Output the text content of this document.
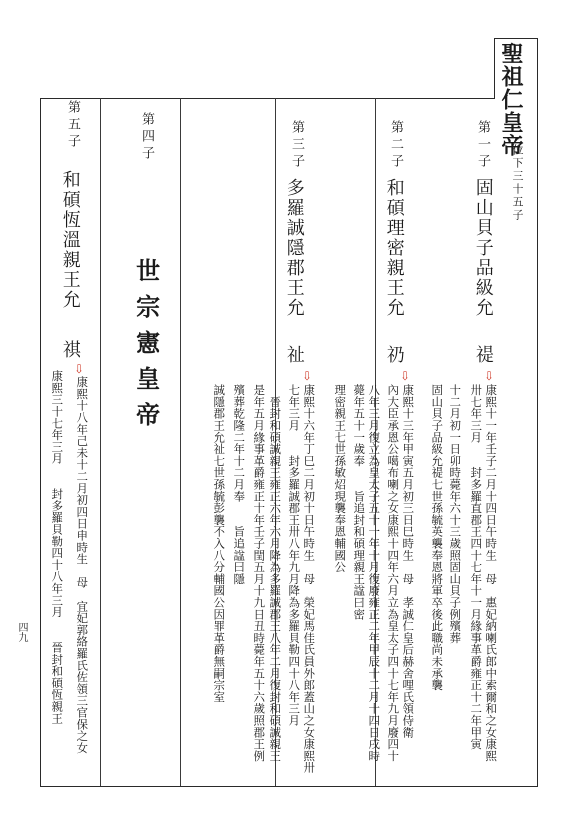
聖祖仁皇帝
位下三十五子
第 一 子
固山貝子品級允
禔
⇩
康熙十一年壬子二月十四日午時生　母　惠妃納喇氏郎中索爾和之女康熙
卅七年三月　　封多羅直郡王四十七年十一月緣事革爵雍正十二年甲寅
十二月初一日卯時薨年六十三歲照固山貝子例殯葬
固山貝子品級允禔七世孫毓英襲奉恩將軍卒後此職尚未承襲
第 二 子
和碩理密親王允
礽
⇩
康熙十三年甲寅五月初三日巳時生　母　孝誠仁皇后赫舍哩氏領侍衛
內大臣承恩公噶布喇之女康熙十四年六月立為皇太子四十七年九月廢四十
八年三月復立為皇太子五十一年十月復廢雍正二年甲辰十二月十四日戌時
薨年五十一歲奉　　旨追封和碩理親王諡曰密
理密親王七世孫敏炤現襲奉恩輔國公
第 三 子
多羅誠隱郡王允
祉
⇩
康熙十六年丁巳二月初十日午時生　母　榮妃馬佳氏員外郎蓋山之女康熙卅
七年三月　　封多羅誠郡王卅八年九月降為多羅貝勒四十八年三月
　晉封和碩誠親王雍正六年六月降為多羅誠郡王八年二月復封和碩誠親王
是年五月緣事革爵雍正十年壬子閏五月十九日丑時薨年五十六歲照郡王例
殯葬乾隆二年十二月奉　　旨追諡曰隱
誠隱郡王允祉七世孫毓彭襲不入八分輔國公因罪革爵無嗣宗室
第 四 子
世宗憲皇帝
第 五 子
和碩恆溫親王允
祺
⇩
康熙十八年己未十二月初四日申時生　母　宜妃郭絡羅氏佐領三官保之女
康熙三十七年三月　　封多羅貝勒四十八年三月　　晉封和碩恆親王
四九
